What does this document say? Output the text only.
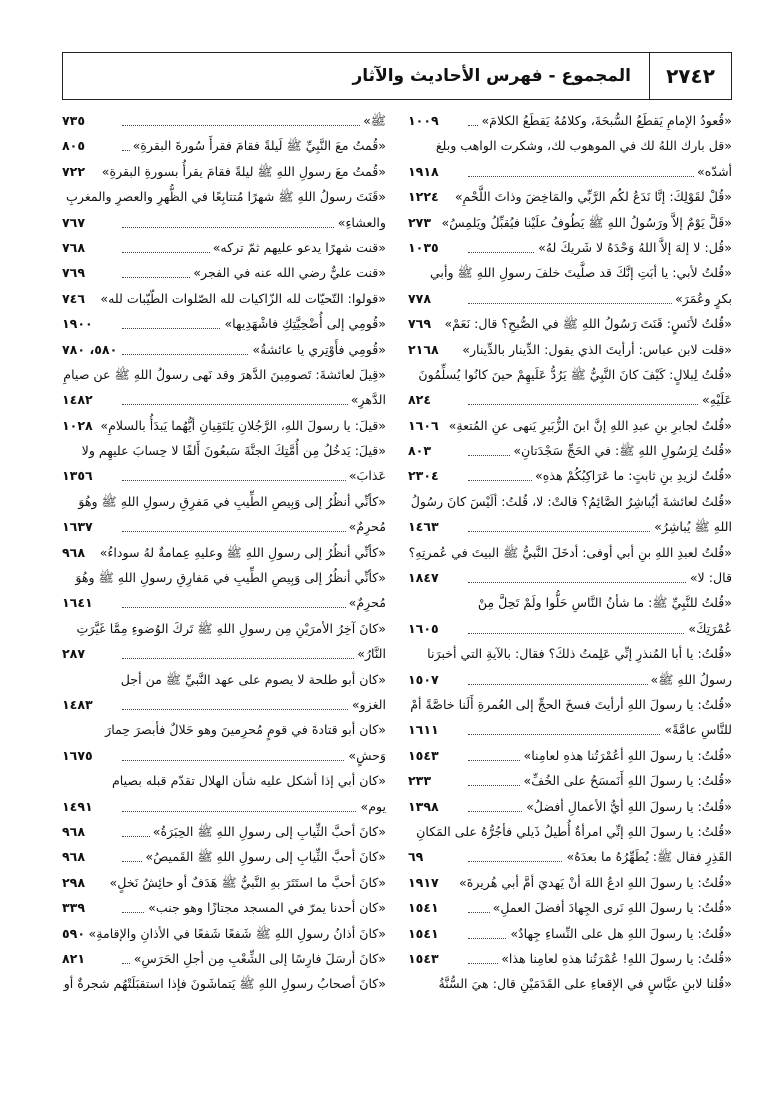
٢٧٤٢
المجموع - فهرس الأحاديث والآثار
«قُعودُ الإمامِ يَقطَعُ السُّبحَةَ، وكلامُهُ يَقطَعُ الكلامَ»
١٠٠٩
«قل بارك اللهُ لك في الموهوب لك، وشكرت الواهب وبلغ
أشدّه»
١٩١٨
«قُلْ لقَوْلِكَ: إنَّا نَدَعُ لكُم الرَّبِّي والمَاخِضَ وذاتَ اللَّحْمِ»
١٢٢٤
«قَلَّ يَوْمٌ إلاَّ ورَسُولُ اللهِ ﷺ يَطُوفُ علَيْنا فيُقبِّلُ ويَلمِسُ»
٢٧٣
«قُل: لا إلهَ إلاَّ اللهُ وَحْدَهُ لا شَريكَ لهُ»
١٠٣٥
«قُلتُ لأبي: يا أبَتِ إنَّكَ قد صلَّيتَ خلفَ رسولِ اللهِ ﷺ وأبي
بكرٍ وعُمَرَ»
٧٧٨
«قُلتُ لأنَسٍ: قَنَتَ رَسُولُ اللهِ ﷺ في الصُّبحِ؟ قال: نَعَمْ»
٧٦٩
«قلت لابن عباس: أرأيتَ الذي يقول: الدِّينار بالدِّينار»
٢١٦٨
«قُلتُ لِبلالٍ: كَيْفَ كانَ النَّبِيُّ ﷺ يَرُدُّ عَلَيهِمْ حينَ كانُوا يُسلِّمُونَ
عَلَيْهِ»
٨٢٤
«قُلتُ لجابرِ بنِ عبدِ اللهِ إنَّ ابنَ الزُّبَيرِ يَنهى عنِ المُتعةِ»
١٦٠٦
«قُلتُ لِرَسُولِ اللهِ ﷺ: في الحَجِّ سَجْدَتانِ»
٨٠٣
«قُلتُ لزيدِ بنِ ثابتٍ: ما عَرَاكِبُكُمْ هذهِ»
٢٣٠٤
«قُلتُ لعائشةَ أيُباشِرُ الصَّائِمُ؟ قالتْ: لا، قُلتُ: ألَيْسَ كانَ رسُولُ
اللهِ ﷺ يُباشِرُ»
١٤٦٣
«قُلتُ لعبدِ اللهِ بنِ أبي أوفى: أدخَلَ النَّبيُّ ﷺ البيتَ في عُمرتِهِ؟
قال: لا»
١٨٤٧
«قُلتُ للنَّبِيِّ ﷺ: ما شأنُ النَّاسِ حَلُّوا ولَمْ تَحِلَّ مِنْ
عُمْرَتِكَ»
١٦٠٥
«قُلتُ: يا أبا المُنذرِ إنِّي عَلِمتُ ذلكَ؟ فقال: بالآيةِ التي أخبرَنا
رسولُ اللهِ ﷺ»
١٥٠٧
«قُلتُ: يا رسولَ اللهِ أرأيتَ فسخَ الحجِّ إلى العُمرةِ أَلَنا خاصَّةً أمْ
للنَّاسِ عامَّةً»
١٦١١
«قُلتُ: يا رسولَ اللهِ أعُمْرَتُنا هذهِ لعامِنا»
١٥٤٣
«قُلتُ: يا رسولَ اللهِ أَنَمسَحُ على الخُفِّ»
٢٣٣
«قُلتُ: يا رسولَ اللهِ أيُّ الأعمالِ أفضلُ»
١٣٩٨
«قُلتُ: يا رسولَ اللهِ إنِّي امرأةٌ أُطيلُ ذَيلي فأجُرُّهُ على المَكانِ
القَذِرِ فقال ﷺ: يُطَهِّرُهُ ما بعدَهُ»
٦٩
«قُلتُ: يا رسولَ اللهِ ادعُ اللهَ أنْ يَهديَ أمَّ أبي هُريرةَ»
١٩١٧
«قُلتُ: يا رسولَ اللهِ نَرى الجِهادَ أفضلَ العملِ»
١٥٤١
«قُلتُ: يا رسولَ اللهِ هل على النِّساءِ جِهادٌ»
١٥٤١
«قُلتُ: يا رسولَ اللهِ! عُمْرَتُنا هذهِ لعامِنا هذا»
١٥٤٣
«قُلنا لابنِ عبَّاسٍ في الإقعاءِ على القَدَمَيْنِ قال: هيَ السُّنَّةُ
ﷺ»
٧٣٥
«قُمتُ معَ النَّبِيِّ ﷺ لَيلةً فقامَ فقرأَ سُورةَ البقرةِ»
٨٠٥
«قُمتُ معَ رسولِ اللهِ ﷺ ليلةً فقامَ يقرأُ بسورةِ البقرةِ»
٧٢٢
«قَنَتَ رسولُ اللهِ ﷺ شهرًا مُتتابِعًا في الظُّهرِ والعصرِ والمغربِ
والعشاءِ»
٧٦٧
«قنت شهرًا يدعو عليهم ثمّ تركه»
٧٦٨
«قنت عليٌّ رضي الله عنه في الفجر»
٧٦٩
«قولوا: التّحيّات لله الزّاكيات لله الصّلوات الطّيّبات لله»
٧٤٦
«قُومِي إلى أُضْحِيَّتِكِ فاشْهَدِيها»
١٩٠٠
«قُومِي فأَوْتِري يا عائشةُ»
٥٨٠، ٧٨٠
«قِيلَ لعائشةَ: تَصومِينَ الدَّهرَ وقد نَهى رسولُ اللهِ ﷺ عن صيامِ
الدَّهرِ»
١٤٨٢
«قيلَ: يا رسولَ اللهِ، الرَّجُلانِ يَلتَقِيانِ أيُّهُما يَبدَأُ بالسلامِ»
١٠٢٨
«قيلَ: يَدخُلُ مِن أُمَّتِكَ الجنَّةَ سَبعُونَ أَلفًا لا حِسابَ عليهِم ولا
عَذابَ»
١٣٥٦
«كأنِّي أنظُرُ إلى وَبِيصِ الطِّيبِ في مَفرِقِ رسولِ اللهِ ﷺ وهُوَ
مُحرِمٌ»
١٦٣٧
«كأنِّي أنظُرُ إلى رسولِ اللهِ ﷺ وعليهِ عِمامةٌ لهُ سوداءُ»
٩٦٨
«كأنِّي أنظُرُ إلى وَبِيصِ الطِّيبِ في مَفارِقِ رسولِ اللهِ ﷺ وهُوَ
مُحرِمٌ»
١٦٤١
«كانَ آخِرُ الأمرَيْنِ مِن رسولِ اللهِ ﷺ تَركَ الوُضوءِ مِمَّا غَيَّرَتِ
النَّارُ»
٢٨٧
«كان أبو طلحة لا يصوم على عهد النَّبيِّ ﷺ من أجل
الغزو»
١٤٨٣
«كان أبو قتادةَ في قومٍ مُحرِمينَ وهو حَلالٌ فأبصرَ حِمارَ
وَحشٍ»
١٦٧٥
«كان أبي إذا أشكل عليه شأن الهلال تقدّم قبله بصيام
يوم»
١٤٩١
«كانَ أحبَّ الثِّيابِ إلى رسولِ اللهِ ﷺ الحِبَرَةُ»
٩٦٨
«كانَ أحبَّ الثِّيابِ إلى رسولِ اللهِ ﷺ القَميصُ»
٩٦٨
«كانَ أحبَّ ما استَتَرَ بهِ النَّبيُّ ﷺ هَدَفٌ أو حائِشُ نَخلٍ»
٢٩٨
«كان أحدنا يمرّ في المسجد مجتازًا وهو جنب»
٣٣٩
«كانَ أذانُ رسولِ اللهِ ﷺ شَفعًا شَفعًا في الأذانِ والإقامةِ»
٥٩٠
«كانَ أرسَلَ فارِسًا إلى الشِّعْبِ مِن أجلِ الحَرَسِ»
٨٢١
«كانَ أصحابُ رسولِ اللهِ ﷺ يَتماشَونَ فإذا استقبَلَتْهُم شجرةٌ أو
